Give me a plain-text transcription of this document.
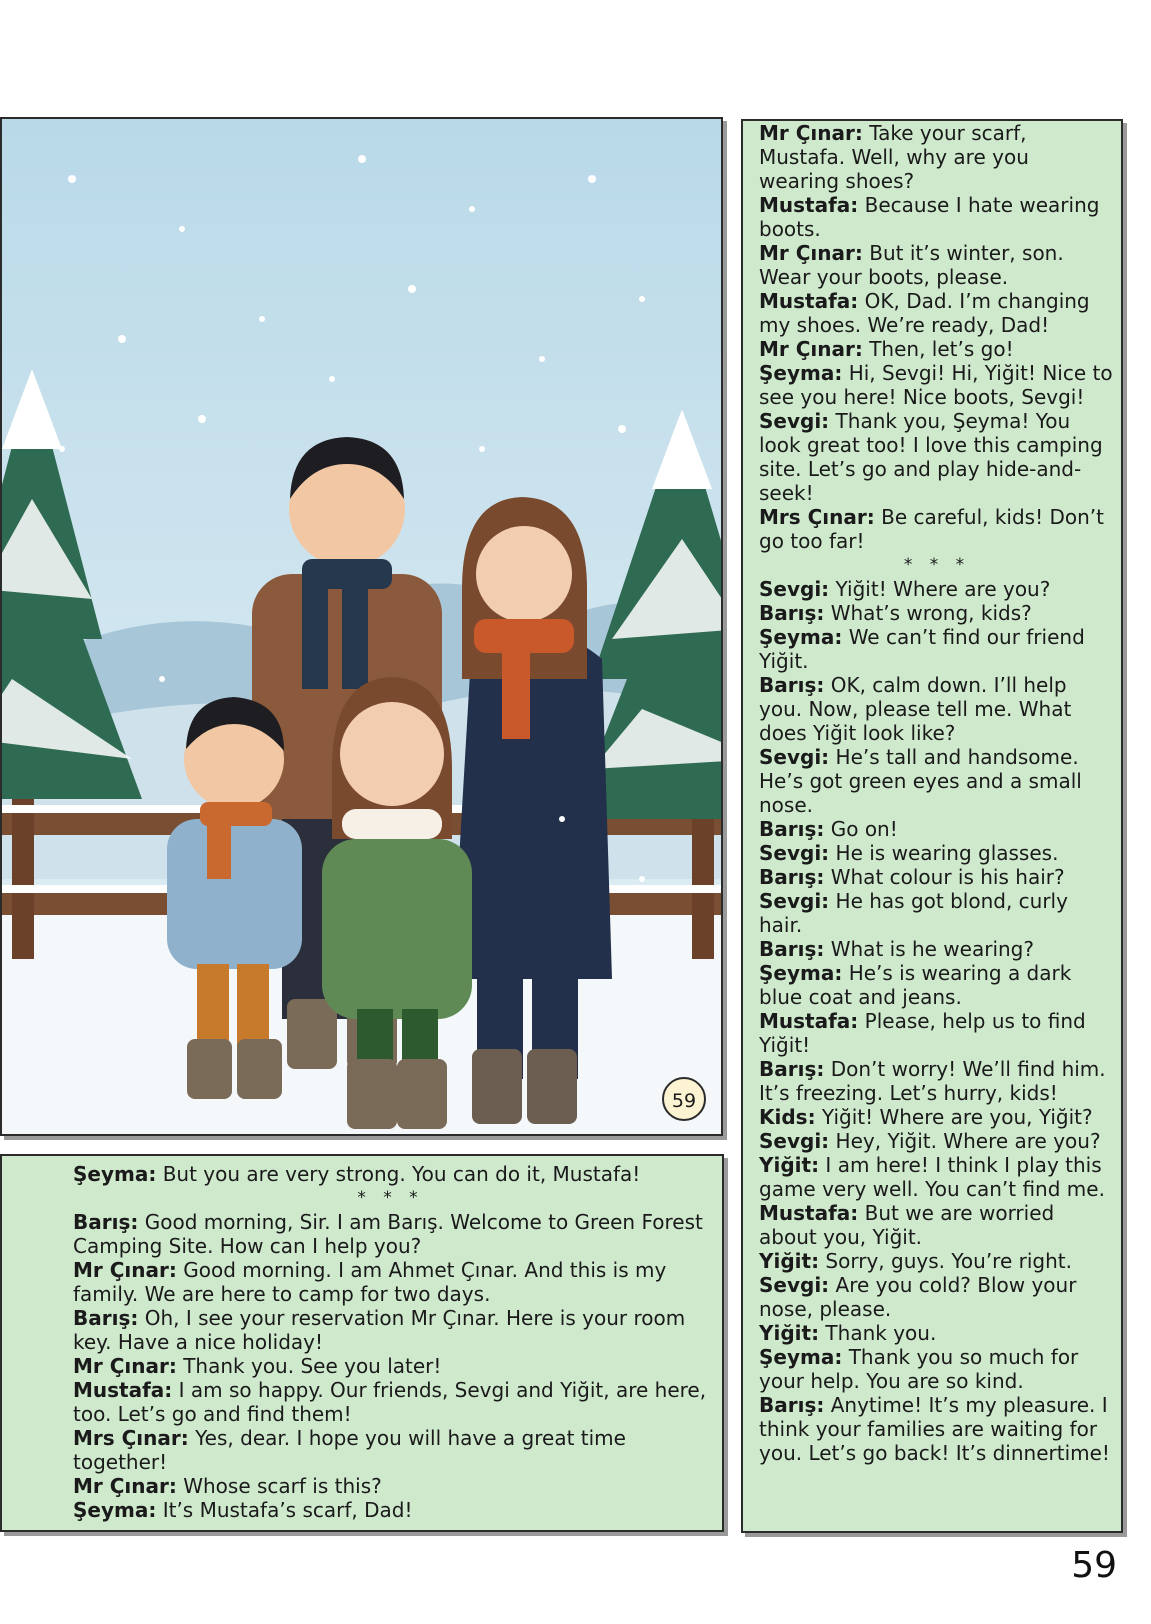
59
Şeyma: But you are very strong. You can do it, Mustafa!
* * *
Barış: Good morning, Sir. I am Barış. Welcome to Green Forest Camping Site. How can I help you?
Mr Çınar: Good morning. I am Ahmet Çınar. And this is my family. We are here to camp for two days.
Barış: Oh, I see your reservation Mr Çınar. Here is your room key. Have a nice holiday!
Mr Çınar: Thank you. See you later!
Mustafa: I am so happy. Our friends, Sevgi and Yiğit, are here, too. Let’s go and find them!
Mrs Çınar: Yes, dear. I hope you will have a great time together!
Mr Çınar: Whose scarf is this?
Şeyma: It’s Mustafa’s scarf, Dad!
Mr Çınar: Take your scarf, Mustafa. Well, why are you wearing shoes?
Mustafa: Because I hate wearing boots.
Mr Çınar: But it’s winter, son. Wear your boots, please.
Mustafa: OK, Dad. I’m changing my shoes. We’re ready, Dad!
Mr Çınar: Then, let’s go!
Şeyma: Hi, Sevgi! Hi, Yiğit! Nice to see you here! Nice boots, Sevgi!
Sevgi: Thank you, Şeyma! You look great too! I love this camping site. Let’s go and play hide-and-seek!
Mrs Çınar: Be careful, kids! Don’t go too far!
* * *
Sevgi: Yiğit! Where are you?
Barış: What’s wrong, kids?
Şeyma: We can’t find our friend Yiğit.
Barış: OK, calm down. I’ll help you. Now, please tell me. What does Yiğit look like?
Sevgi: He’s tall and handsome. He’s got green eyes and a small nose.
Barış: Go on!
Sevgi: He is wearing glasses.
Barış: What colour is his hair?
Sevgi: He has got blond, curly hair.
Barış: What is he wearing?
Şeyma: He’s is wearing a dark blue coat and jeans.
Mustafa: Please, help us to find Yiğit!
Barış: Don’t worry! We’ll find him. It’s freezing. Let’s hurry, kids!
Kids: Yiğit! Where are you, Yiğit?
Sevgi: Hey, Yiğit. Where are you?
Yiğit: I am here! I think I play this game very well. You can’t find me.
Mustafa: But we are worried about you, Yiğit.
Yiğit: Sorry, guys. You’re right.
Sevgi: Are you cold? Blow your nose, please.
Yiğit: Thank you.
Şeyma: Thank you so much for your help. You are so kind.
Barış: Anytime! It’s my pleasure. I think your families are waiting for you. Let’s go back! It’s dinnertime!
59
